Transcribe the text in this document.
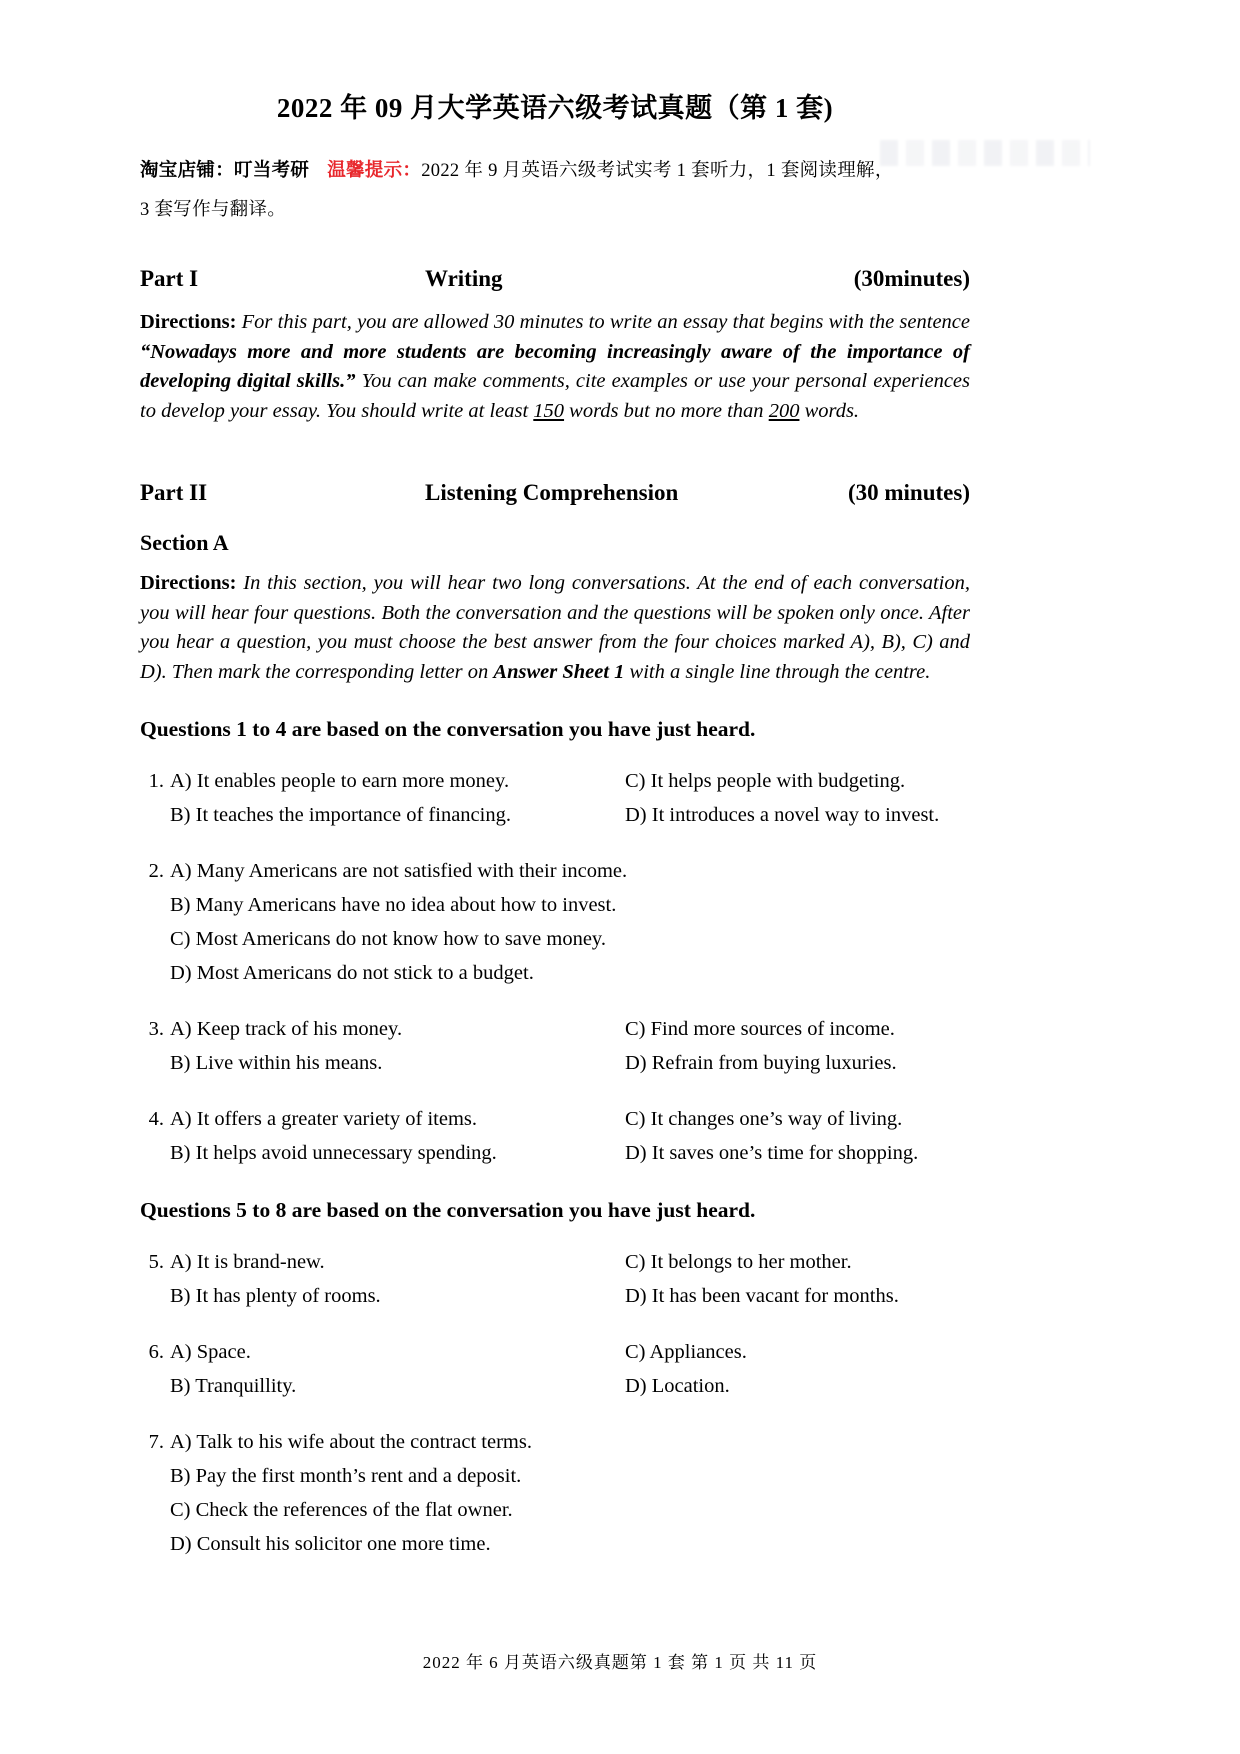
2022 年 09 月大学英语六级考试真题（第 1 套)
淘宝店铺：叮当考研 温馨提示：2022 年 9 月英语六级考试实考 1 套听力，1 套阅读理解，
3 套写作与翻译。
Part I	Writing	(30minutes)

Directions: For this part, you are allowed 30 minutes to write an essay that begins with the sentence “Nowadays more and more students are becoming increasingly aware of the importance of developing digital skills.” You can make comments, cite examples or use your personal experiences to develop your essay. You should write at least 150 words but no more than 200 words.

Part II	Listening Comprehension	(30 minutes)
Section A

Directions: In this section, you will hear two long conversations. At the end of each conversation, you will hear four questions. Both the conversation and the questions will be spoken only once. After you hear a question, you must choose the best answer from the four choices marked A), B), C) and D). Then mark the corresponding letter on Answer Sheet 1 with a single line through the centre.

Questions 1 to 4 are based on the conversation you have just heard.
1. A) It enables people to earn more money.	C) It helps people with budgeting.
B) It teaches the importance of financing.	D) It introduces a novel way to invest.
2. A) Many Americans are not satisfied with their income.
B) Many Americans have no idea about how to invest.
C) Most Americans do not know how to save money.
D) Most Americans do not stick to a budget.
3. A) Keep track of his money.	C) Find more sources of income.
B) Live within his means.	D) Refrain from buying luxuries.
4. A) It offers a greater variety of items.	C) It changes one’s way of living.
B) It helps avoid unnecessary spending.	D) It saves one’s time for shopping.
Questions 5 to 8 are based on the conversation you have just heard.
5. A) It is brand-new.	C) It belongs to her mother.
B) It has plenty of rooms.	D) It has been vacant for months.
6. A) Space.	C) Appliances.
B) Tranquillity.	D) Location.
7. A) Talk to his wife about the contract terms.
B) Pay the first month’s rent and a deposit.
C) Check the references of the flat owner.
D) Consult his solicitor one more time.
2022 年 6 月英语六级真题第 1 套 第 1 页 共 11 页
